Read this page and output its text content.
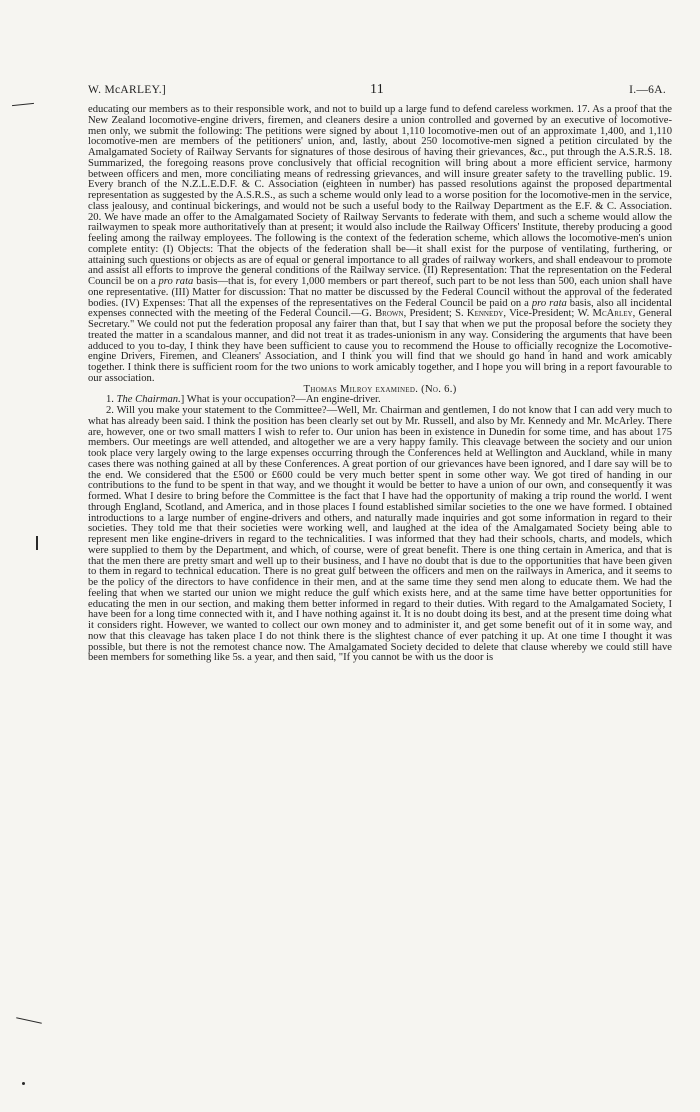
W. McARLEY.]	11	I.—6A.

educating our members as to their responsible work, and not to build up a large fund to defend careless workmen. 17. As a proof that the New Zealand locomotive-engine drivers, firemen, and cleaners desire a union controlled and governed by an executive of locomotive-men only, we submit the following: The petitions were signed by about 1,110 locomotive-men out of an approximate 1,400, and 1,110 locomotive-men are members of the petitioners' union, and, lastly, about 250 locomotive-men signed a petition circulated by the Amalgamated Society of Railway Servants for signatures of those desirous of having their grievances, &c., put through the A.S.R.S. 18. Summarized, the foregoing reasons prove conclusively that official recognition will bring about a more efficient service, harmony between officers and men, more conciliating means of redressing grievances, and will insure greater safety to the travelling public. 19. Every branch of the N.Z.L.E.D.F. & C. Association (eighteen in number) has passed resolutions against the proposed departmental representation as suggested by the A.S.R.S., as such a scheme would only lead to a worse position for the locomotive-men in the service, class jealousy, and continual bickerings, and would not be such a useful body to the Railway Department as the E.F. & C. Association. 20. We have made an offer to the Amalgamated Society of Railway Servants to federate with them, and such a scheme would allow the railwaymen to speak more authoritatively than at present; it would also include the Railway Officers' Institute, thereby producing a good feeling among the railway employees. The following is the context of the federation scheme, which allows the locomotive-men's union complete entity: (I) Objects: That the objects of the federation shall be—it shall exist for the purpose of ventilating, furthering, or attaining such questions or objects as are of equal or general importance to all grades of railway workers, and shall endeavour to promote and assist all efforts to improve the general conditions of the Railway service. (II) Representation: That the representation on the Federal Council be on a pro rata basis—that is, for every 1,000 members or part thereof, such part to be not less than 500, each union shall have one representative. (III) Matter for discussion: That no matter be discussed by the Federal Council without the approval of the federated bodies. (IV) Expenses: That all the expenses of the representatives on the Federal Council be paid on a pro rata basis, also all incidental expenses connected with the meeting of the Federal Council.—G. Brown, President; S. Kennedy, Vice-President; W. McArley, General Secretary." We could not put the federation proposal any fairer than that, but I say that when we put the proposal before the society they treated the matter in a scandalous manner, and did not treat it as trades-unionism in any way. Considering the arguments that have been adduced to you to-day, I think they have been sufficient to cause you to recommend the House to officially recognize the Locomotive-engine Drivers, Firemen, and Cleaners' Association, and I think you will find that we should go hand in hand and work amicably together. I think there is sufficient room for the two unions to work amicably together, and I hope you will bring in a report favourable to our association.

Thomas Milroy examined. (No. 6.)

1. The Chairman.] What is your occupation?—An engine-driver.

2. Will you make your statement to the Committee?—Well, Mr. Chairman and gentlemen, I do not know that I can add very much to what has already been said. I think the position has been clearly set out by Mr. Russell, and also by Mr. Kennedy and Mr. McArley. There are, however, one or two small matters I wish to refer to. Our union has been in existence in Dunedin for some time, and has about 175 members. Our meetings are well attended, and altogether we are a very happy family. This cleavage between the society and our union took place very largely owing to the large expenses occurring through the Conferences held at Wellington and Auckland, while in many cases there was nothing gained at all by these Conferences. A great portion of our grievances have been ignored, and I dare say will be to the end. We considered that the £500 or £600 could be very much better spent in some other way. We got tired of handing in our contributions to the fund to be spent in that way, and we thought it would be better to have a union of our own, and consequently it was formed. What I desire to bring before the Committee is the fact that I have had the opportunity of making a trip round the world. I went through England, Scotland, and America, and in those places I found established similar societies to the one we have formed. I obtained introductions to a large number of engine-drivers and others, and naturally made inquiries and got some information in regard to their societies. They told me that their societies were working well, and laughed at the idea of the Amalgamated Society being able to represent men like engine-drivers in regard to the technicalities. I was informed that they had their schools, charts, and models, which were supplied to them by the Department, and which, of course, were of great benefit. There is one thing certain in America, and that is that the men there are pretty smart and well up to their business, and I have no doubt that is due to the opportunities that have been given to them in regard to technical education. There is no great gulf between the officers and men on the railways in America, and it seems to be the policy of the directors to have confidence in their men, and at the same time they send men along to educate them. We had the feeling that when we started our union we might reduce the gulf which exists here, and at the same time have better opportunities for educating the men in our section, and making them better informed in regard to their duties. With regard to the Amalgamated Society, I have been for a long time connected with it, and I have nothing against it. It is no doubt doing its best, and at the present time doing what it considers right. However, we wanted to collect our own money and to administer it, and get some benefit out of it in some way, and now that this cleavage has taken place I do not think there is the slightest chance of ever patching it up. At one time I thought it was possible, but there is not the remotest chance now. The Amalgamated Society decided to delete that clause whereby we could still have been members for something like 5s. a year, and then said, "If you cannot be with us the door is
